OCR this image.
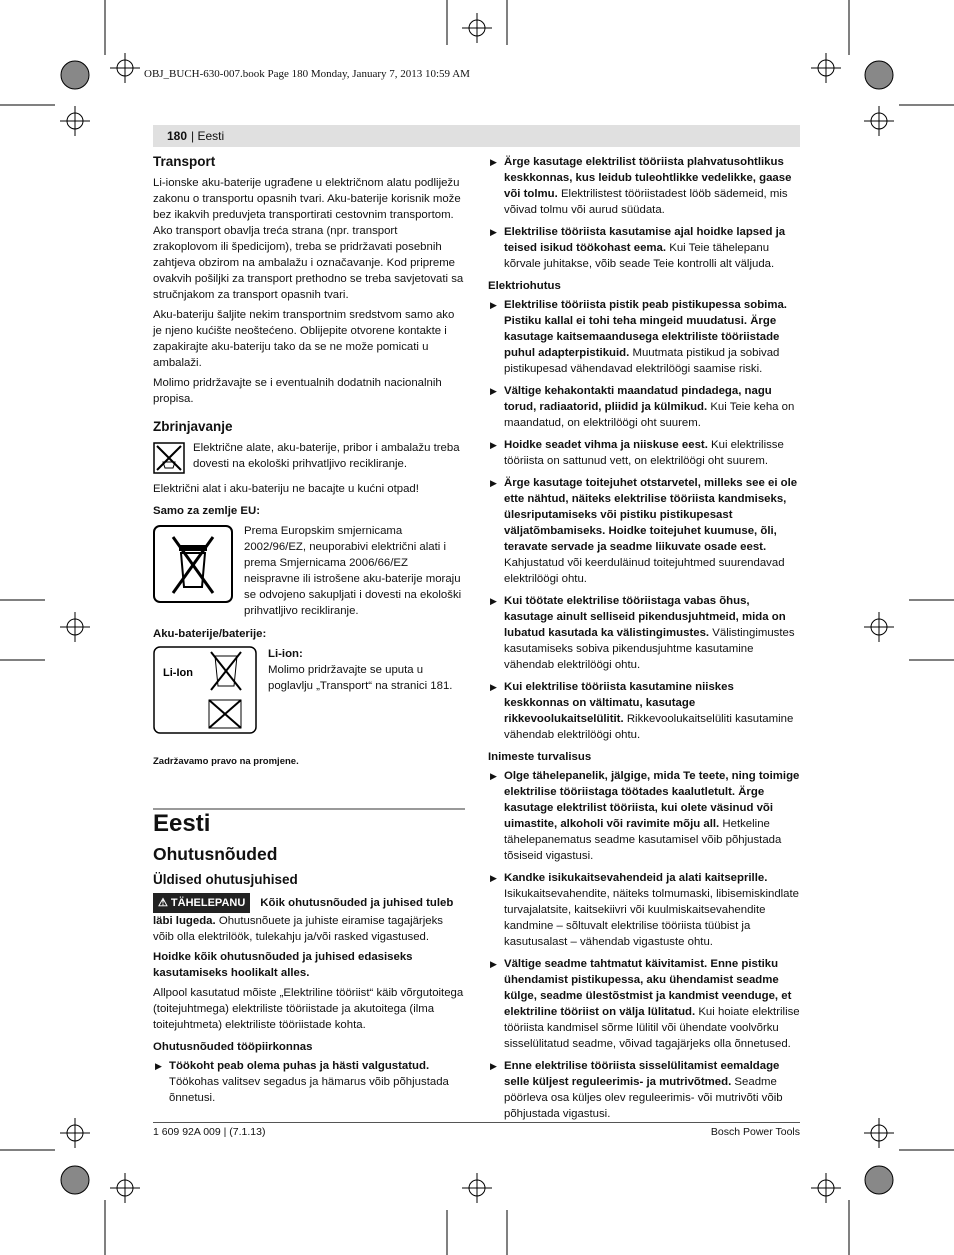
OBJ_BUCH-630-007.book Page 180 Monday, January 7, 2013 10:59 AM
180 | Eesti
Transport

Li-ionske aku-baterije ugrađene u električnom alatu podliježu zakonu o transportu opasnih tvari. Aku-baterije korisnik može bez ikakvih preduvjeta transportirati cestovnim transportom. Ako transport obavlja treća strana (npr. transport zrakoplovom ili špedicijom), treba se pridržavati posebnih zahtjeva obzirom na ambalažu i označavanje. Kod pripreme ovakvih pošiljki za transport prethodno se treba savjetovati sa stručnjakom za transport opasnih tvari.

Aku-bateriju šaljite nekim transportnim sredstvom samo ako je njeno kućište neoštećeno. Oblijepite otvorene kontakte i zapakirajte aku-bateriju tako da se ne može pomicati u ambalaži.

Molimo pridržavajte se i eventualnih dodatnih nacionalnih propisa.

Zbrinjavanje
Električne alate, aku-baterije, pribor i ambalažu treba dovesti na ekološki prihvatljivo recikliranje.

Električni alat i aku-bateriju ne bacajte u kućni otpad!

Samo za zemlje EU:
Prema Europskim smjernicama 2002/96/EZ, neuporabivi električni alati i prema Smjernicama 2006/66/EZ neispravne ili istrošene aku-baterije moraju se odvojeno sakupljati i dovesti na ekološki prihvatljivo recikliranje.
Aku-baterije/baterije:
Li-Ion
Li-ion:
Molimo pridržavajte se uputa u poglavlju „Transport“ na stranici 181.
Zadržavamo pravo na promjene.
Eesti
Ohutusnõuded
Üldised ohutusjuhised

⚠ TÄHELEPANU Kõik ohutusnõuded ja juhised tuleb läbi lugeda. Ohutusnõuete ja juhiste eiramise tagajärjeks võib olla elektrilöök, tulekahju ja/või rasked vigastused.

Hoidke kõik ohutusnõuded ja juhised edasiseks kasutamiseks hoolikalt alles.

Allpool kasutatud mõiste „Elektriline tööriist“ käib võrgutoitega (toitejuhtmega) elektriliste tööriistade ja akutoitega (ilma toitejuhtmeta) elektriliste tööriistade kohta.

Ohutusnõuded tööpiirkonnas
▶ Töökoht peab olema puhas ja hästi valgustatud. Töökohas valitsev segadus ja hämarus võib põhjustada õnnetusi.
▶ Ärge kasutage elektrilist tööriista plahvatusohtlikus keskkonnas, kus leidub tuleohtlikke vedelikke, gaase või tolmu. Elektrilistest tööriistadest lööb sädemeid, mis võivad tolmu või aurud süüdata.
▶ Elektrilise tööriista kasutamise ajal hoidke lapsed ja teised isikud töökohast eema. Kui Teie tähelepanu kõrvale juhitakse, võib seade Teie kontrolli alt väljuda.
Elektriohutus
▶ Elektrilise tööriista pistik peab pistikupessa sobima. Pistiku kallal ei tohi teha mingeid muudatusi. Ärge kasutage kaitsemaandusega elektriliste tööriistade puhul adapterpistikuid. Muutmata pistikud ja sobivad pistikupesad vähendavad elektrilöögi saamise riski.
▶ Vältige kehakontakti maandatud pindadega, nagu torud, radiaatorid, pliidid ja külmikud. Kui Teie keha on maandatud, on elektrilöögi oht suurem.
▶ Hoidke seadet vihma ja niiskuse eest. Kui elektrilisse tööriista on sattunud vett, on elektrilöögi oht suurem.
▶ Ärge kasutage toitejuhet otstarvetel, milleks see ei ole ette nähtud, näiteks elektrilise tööriista kandmiseks, ülesriputamiseks või pistiku pistikupesast väljatõmbamiseks. Hoidke toitejuhet kuumuse, õli, teravate servade ja seadme liikuvate osade eest. Kahjustatud või keerduläinud toitejuhtmed suurendavad elektrilöögi ohtu.
▶ Kui töötate elektrilise tööriistaga vabas õhus, kasutage ainult selliseid pikendusjuhtmeid, mida on lubatud kasutada ka välistingimustes. Välistingimustes kasutamiseks sobiva pikendusjuhtme kasutamine vähendab elektrilöögi ohtu.
▶ Kui elektrilise tööriista kasutamine niiskes keskkonnas on vältimatu, kasutage rikkevoolukaitselülitit. Rikkevoolukaitselüliti kasutamine vähendab elektrilöögi ohtu.
Inimeste turvalisus
▶ Olge tähelepanelik, jälgige, mida Te teete, ning toimige elektrilise tööriistaga töötades kaalutletult. Ärge kasutage elektrilist tööriista, kui olete väsinud või uimastite, alkoholi või ravimite mõju all. Hetkeline tähelepanematus seadme kasutamisel võib põhjustada tõsiseid vigastusi.
▶ Kandke isikukaitsevahendeid ja alati kaitseprille. Isikukaitsevahendite, näiteks tolmumaski, libisemiskindlate turvajalatsite, kaitsekiivri või kuulmiskaitsevahendite kandmine – sõltuvalt elektrilise tööriista tüübist ja kasutusalast – vähendab vigastuste ohtu.
▶ Vältige seadme tahtmatut käivitamist. Enne pistiku ühendamist pistikupessa, aku ühendamist seadme külge, seadme ülestõstmist ja kandmist veenduge, et elektriline tööriist on välja lülitatud. Kui hoiate elektrilise tööriista kandmisel sõrme lülitil või ühendate voolvõrku sisselülitatud seadme, võivad tagajärjeks olla õnnetused.
▶ Enne elektrilise tööriista sisselülitamist eemaldage selle küljest reguleerimis- ja mutrivõtmed. Seadme pöörleva osa küljes olev reguleerimis- või mutrivõti võib põhjustada vigastusi.
1 609 92A 009 | (7.1.13)	Bosch Power Tools
